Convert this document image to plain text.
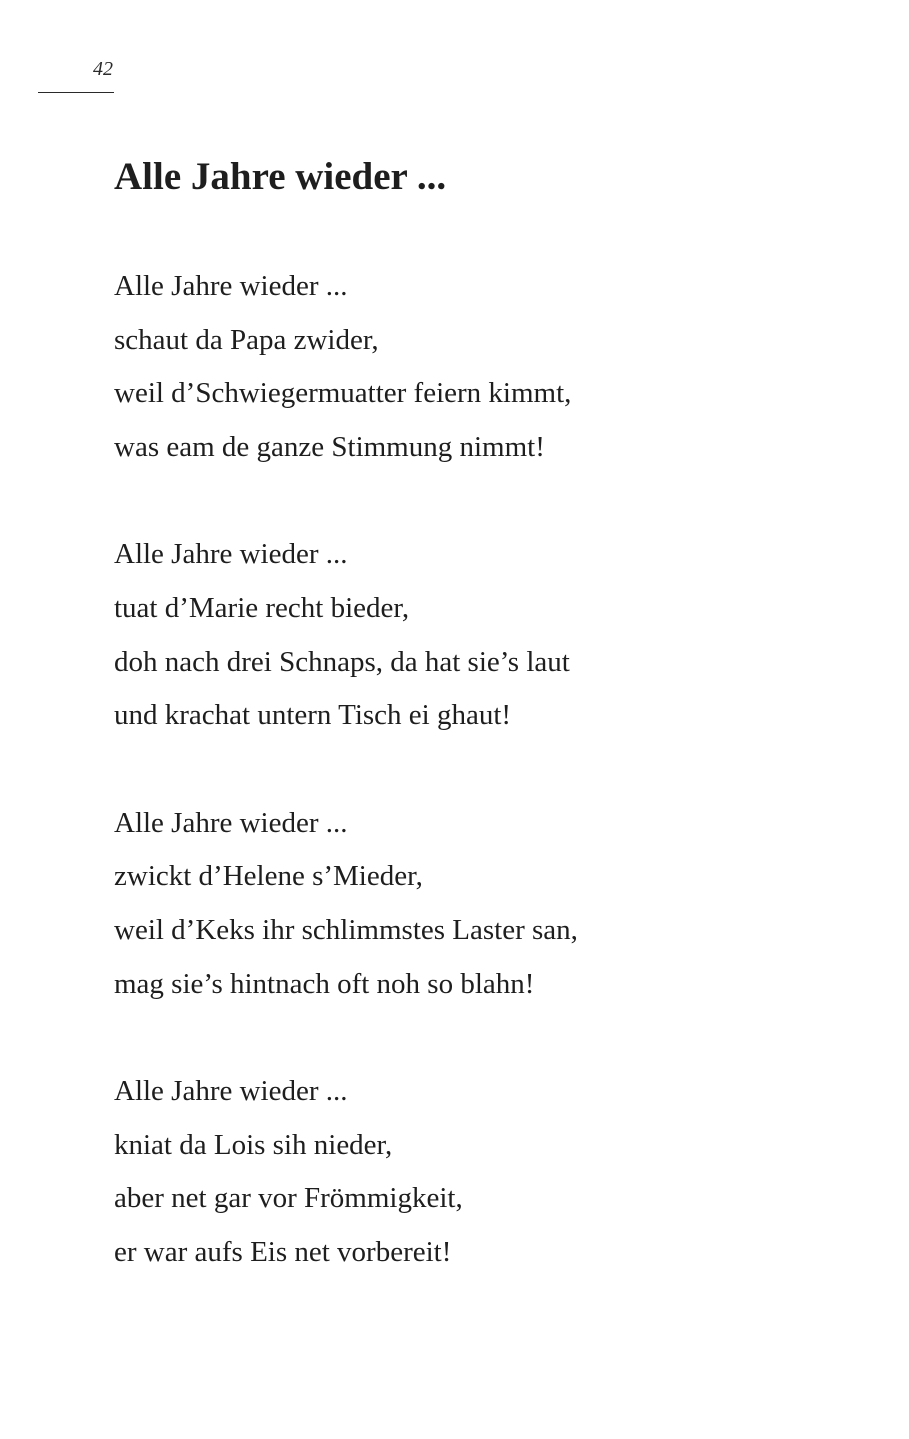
42
Alle Jahre wieder ...
Alle Jahre wieder ...
schaut da Papa zwider,
weil d’Schwiegermuatter feiern kimmt,
was eam de ganze Stimmung nimmt!
Alle Jahre wieder ...
tuat d’Marie recht bieder,
doh nach drei Schnaps, da hat sie’s laut
und krachat untern Tisch ei ghaut!
Alle Jahre wieder ...
zwickt d’Helene s’Mieder,
weil d’Keks ihr schlimmstes Laster san,
mag sie’s hintnach oft noh so blahn!
Alle Jahre wieder ...
kniat da Lois sih nieder,
aber net gar vor Frömmigkeit,
er war aufs Eis net vorbereit!
